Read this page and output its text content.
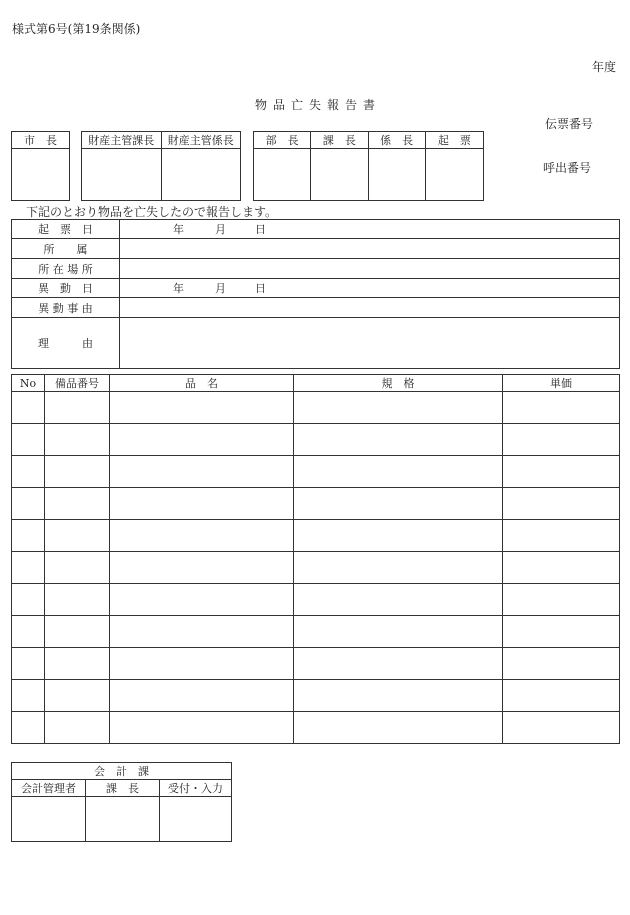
様式第6号(第19条関係)
年度
物品亡失報告書
伝票番号
呼出番号
市　長	財産主管課長	財産主管係長
		部　長	課　長	係　長	起　票

下記のとおり物品を亡失したので報告します。
起　票　日	年 月 日
所　　属	
所 在 場 所	
異　動　日	年 月 日
異 動 事 由	
理　　　由	
No	備品番号	品　名	規　格	単価

会　計　課		
会計管理者	課　長	受付・入力
